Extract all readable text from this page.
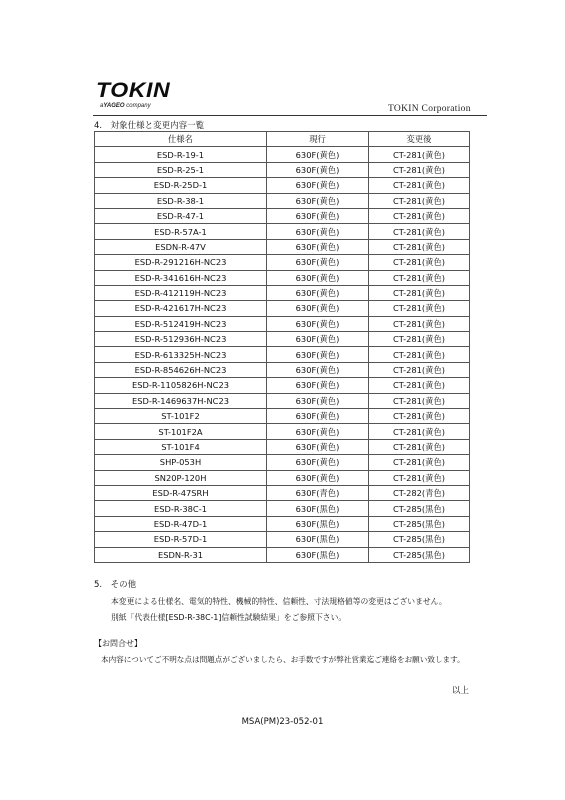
TOKIN
aYAGEO company	TOKIN Corporation
4.　対象仕様と変更内容一覧
仕様名	現行	変更後
ESD-R-19-1	630F(黄色)	CT-281(黄色)
ESD-R-25-1	630F(黄色)	CT-281(黄色)
ESD-R-25D-1	630F(黄色)	CT-281(黄色)
ESD-R-38-1	630F(黄色)	CT-281(黄色)
ESD-R-47-1	630F(黄色)	CT-281(黄色)
ESD-R-57A-1	630F(黄色)	CT-281(黄色)
ESDN-R-47V	630F(黄色)	CT-281(黄色)
ESD-R-291216H-NC23	630F(黄色)	CT-281(黄色)
ESD-R-341616H-NC23	630F(黄色)	CT-281(黄色)
ESD-R-412119H-NC23	630F(黄色)	CT-281(黄色)
ESD-R-421617H-NC23	630F(黄色)	CT-281(黄色)
ESD-R-512419H-NC23	630F(黄色)	CT-281(黄色)
ESD-R-512936H-NC23	630F(黄色)	CT-281(黄色)
ESD-R-613325H-NC23	630F(黄色)	CT-281(黄色)
ESD-R-854626H-NC23	630F(黄色)	CT-281(黄色)
ESD-R-1105826H-NC23	630F(黄色)	CT-281(黄色)
ESD-R-1469637H-NC23	630F(黄色)	CT-281(黄色)
ST-101F2	630F(黄色)	CT-281(黄色)
ST-101F2A	630F(黄色)	CT-281(黄色)
ST-101F4	630F(黄色)	CT-281(黄色)
SHP-053H	630F(黄色)	CT-281(黄色)
SN20P-120H	630F(黄色)	CT-281(黄色)
ESD-R-47SRH	630F(青色)	CT-282(青色)
ESD-R-38C-1	630F(黒色)	CT-285(黒色)
ESD-R-47D-1	630F(黒色)	CT-285(黒色)
ESD-R-57D-1	630F(黒色)	CT-285(黒色)
ESDN-R-31	630F(黒色)	CT-285(黒色)
5.　その他
本変更による仕様名、電気的特性、機械的特性、信頼性、寸法規格値等の変更はございません。
別紙「代表仕様[ESD-R-38C-1]信頼性試験結果」をご参照下さい。
【お問合せ】
本内容についてご不明な点は問題点がございましたら、お手数ですが弊社営業迄ご連絡をお願い致します。
以上
MSA(PM)23-052-01
